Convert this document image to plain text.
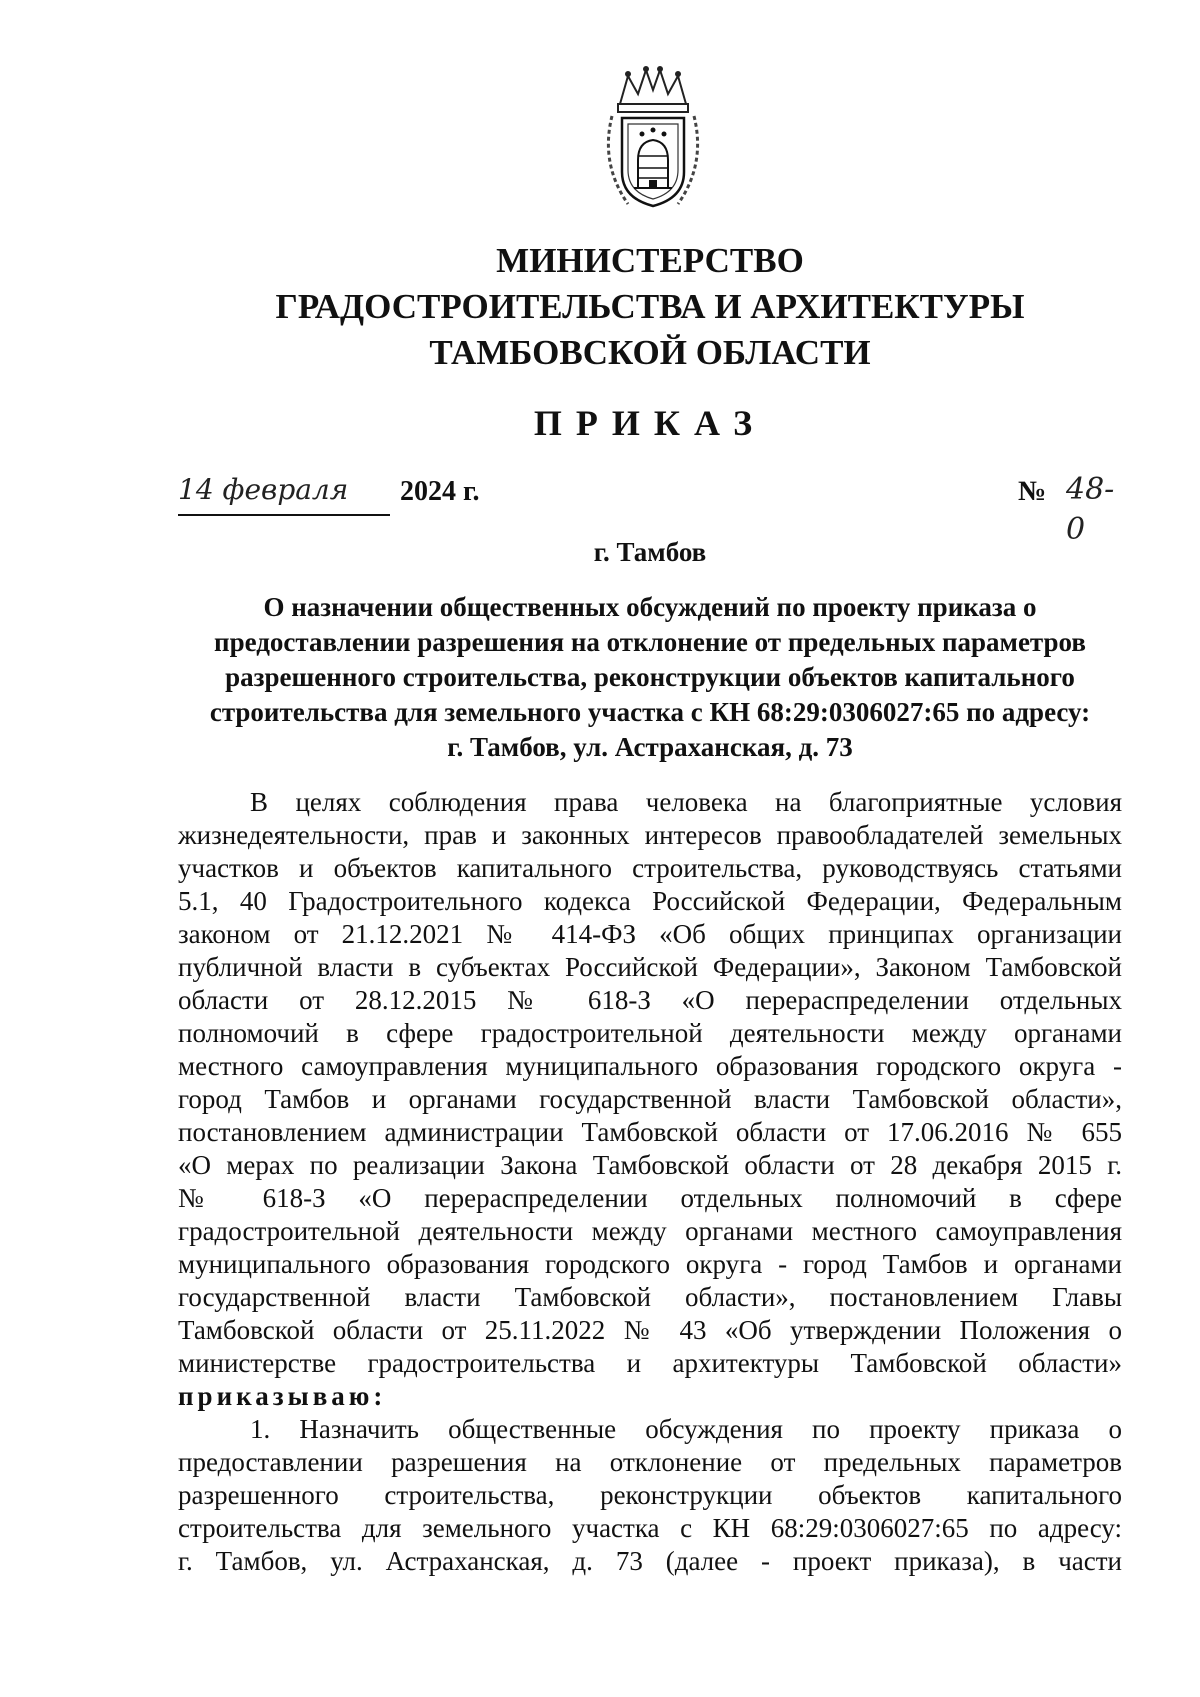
МИНИСТЕРСТВО
ГРАДОСТРОИТЕЛЬСТВА И АРХИТЕКТУРЫ
ТАМБОВСКОЙ ОБЛАСТИ
ПРИКАЗ
14 февраля	2024 г.	№ 48-0
г. Тамбов
О назначении общественных обсуждений по проекту приказа о
предоставлении разрешения на отклонение от предельных параметров
разрешенного строительства, реконструкции объектов капитального
строительства для земельного участка с КН 68:29:0306027:65 по адресу:
г. Тамбов, ул. Астраханская, д. 73
В целях соблюдения права человека на благоприятные условия
жизнедеятельности, прав и законных интересов правообладателей земельных
участков и объектов капитального строительства, руководствуясь статьями
5.1, 40 Градостроительного кодекса Российской Федерации, Федеральным
законом от 21.12.2021 № 414-ФЗ «Об общих принципах организации
публичной власти в субъектах Российской Федерации», Законом Тамбовской
области от 28.12.2015 № 618-З «О перераспределении отдельных
полномочий в сфере градостроительной деятельности между органами
местного самоуправления муниципального образования городского округа -
город Тамбов и органами государственной власти Тамбовской области»,
постановлением администрации Тамбовской области от 17.06.2016 № 655
«О мерах по реализации Закона Тамбовской области от 28 декабря 2015 г.
№ 618-З «О перераспределении отдельных полномочий в сфере
градостроительной деятельности между органами местного самоуправления
муниципального образования городского округа - город Тамбов и органами
государственной власти Тамбовской области», постановлением Главы
Тамбовской области от 25.11.2022 № 43 «Об утверждении Положения о
министерстве градостроительства и архитектуры Тамбовской области»
приказываю:
1. Назначить общественные обсуждения по проекту приказа о
предоставлении разрешения на отклонение от предельных параметров
разрешенного строительства, реконструкции объектов капитального
строительства для земельного участка с КН 68:29:0306027:65 по адресу:
г. Тамбов, ул. Астраханская, д. 73 (далее - проект приказа), в части
